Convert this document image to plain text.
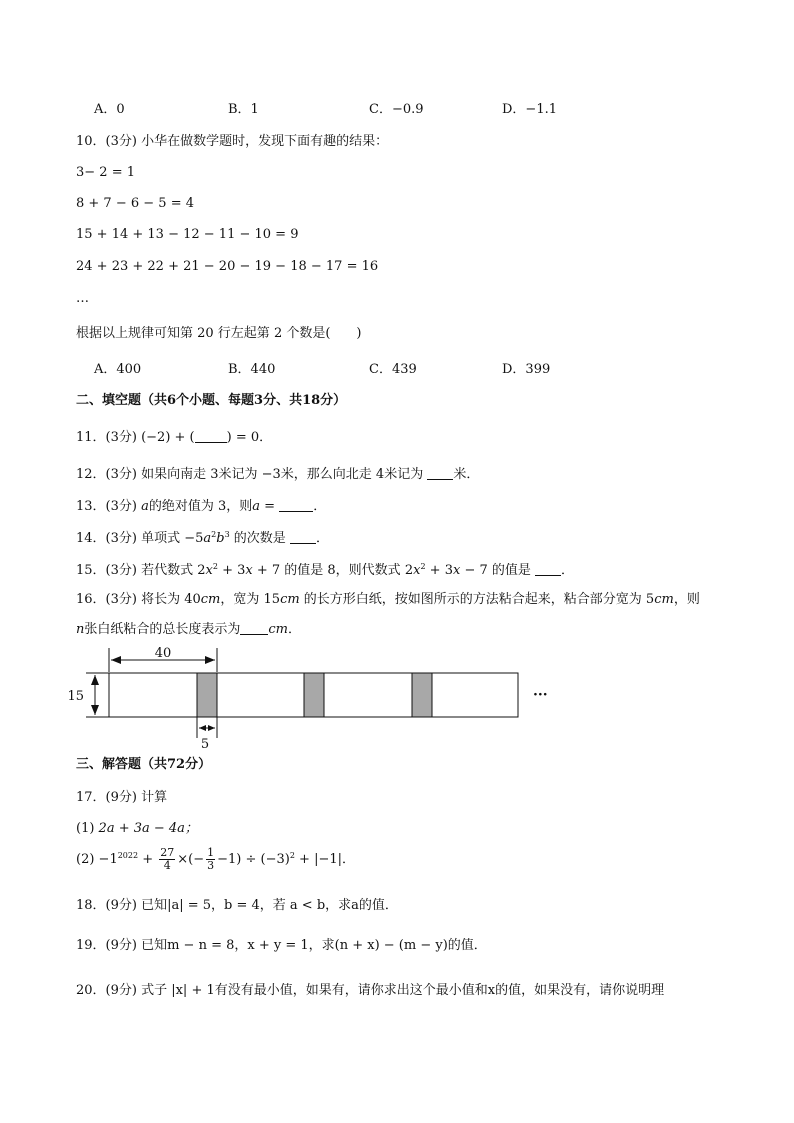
A．0	B．1	C．−0.9	D．−1.1
10．(3分) 小华在做数学题时，发现下面有趣的结果：
3− 2 = 1
8 + 7 − 6 − 5 = 4
15 + 14 + 13 − 12 − 11 − 10 = 9
24 + 23 + 22 + 21 − 20 − 19 − 18 − 17 = 16
…
根据以上规律可知第 20 行左起第 2 个数是(　　)
A．400	B．440	C．439	D．399
二、填空题（共6个小题、每题3分、共18分）
11．(3分) (−2) + ( ) = 0．
12．(3分) 如果向南走 3米记为 −3米，那么向北走 4米记为 米．
13．(3分) a的绝对值为 3，则a =	．
14．(3分) 单项式 $-5a^2b^3$ 的次数是 ．
15．(3分) 若代数式 $2x^2 + 3x + 7$ 的值是 8，则代数式 $2x^2 + 3x - 7$ 的值是 ．
16．(3分) 将长为 40cm，宽为 15cm 的长方形白纸，按如图所示的方法粘合起来，粘合部分宽为 5cm，则
n张白纸粘合的总长度表示为 cm．
40
15	···
5
三、解答题（共72分）
17．(9分) 计算
(1) 2a + 3a − 4a；
$(2) -1^{2022} + \frac{27}{4}$ ×(− $\frac{1}{3} -1) \div (-3)^2 + |-1|$．
18．(9分) 已知|a| = 5，b = 4，若 a < b，求a的值．
19．(9分) 已知m − n = 8，x + y = 1，求(n + x) − (m − y)的值．
20．(9分) 式子 |x| + 1有没有最小值，如果有，请你求出这个最小值和x的值，如果没有，请你说明理
